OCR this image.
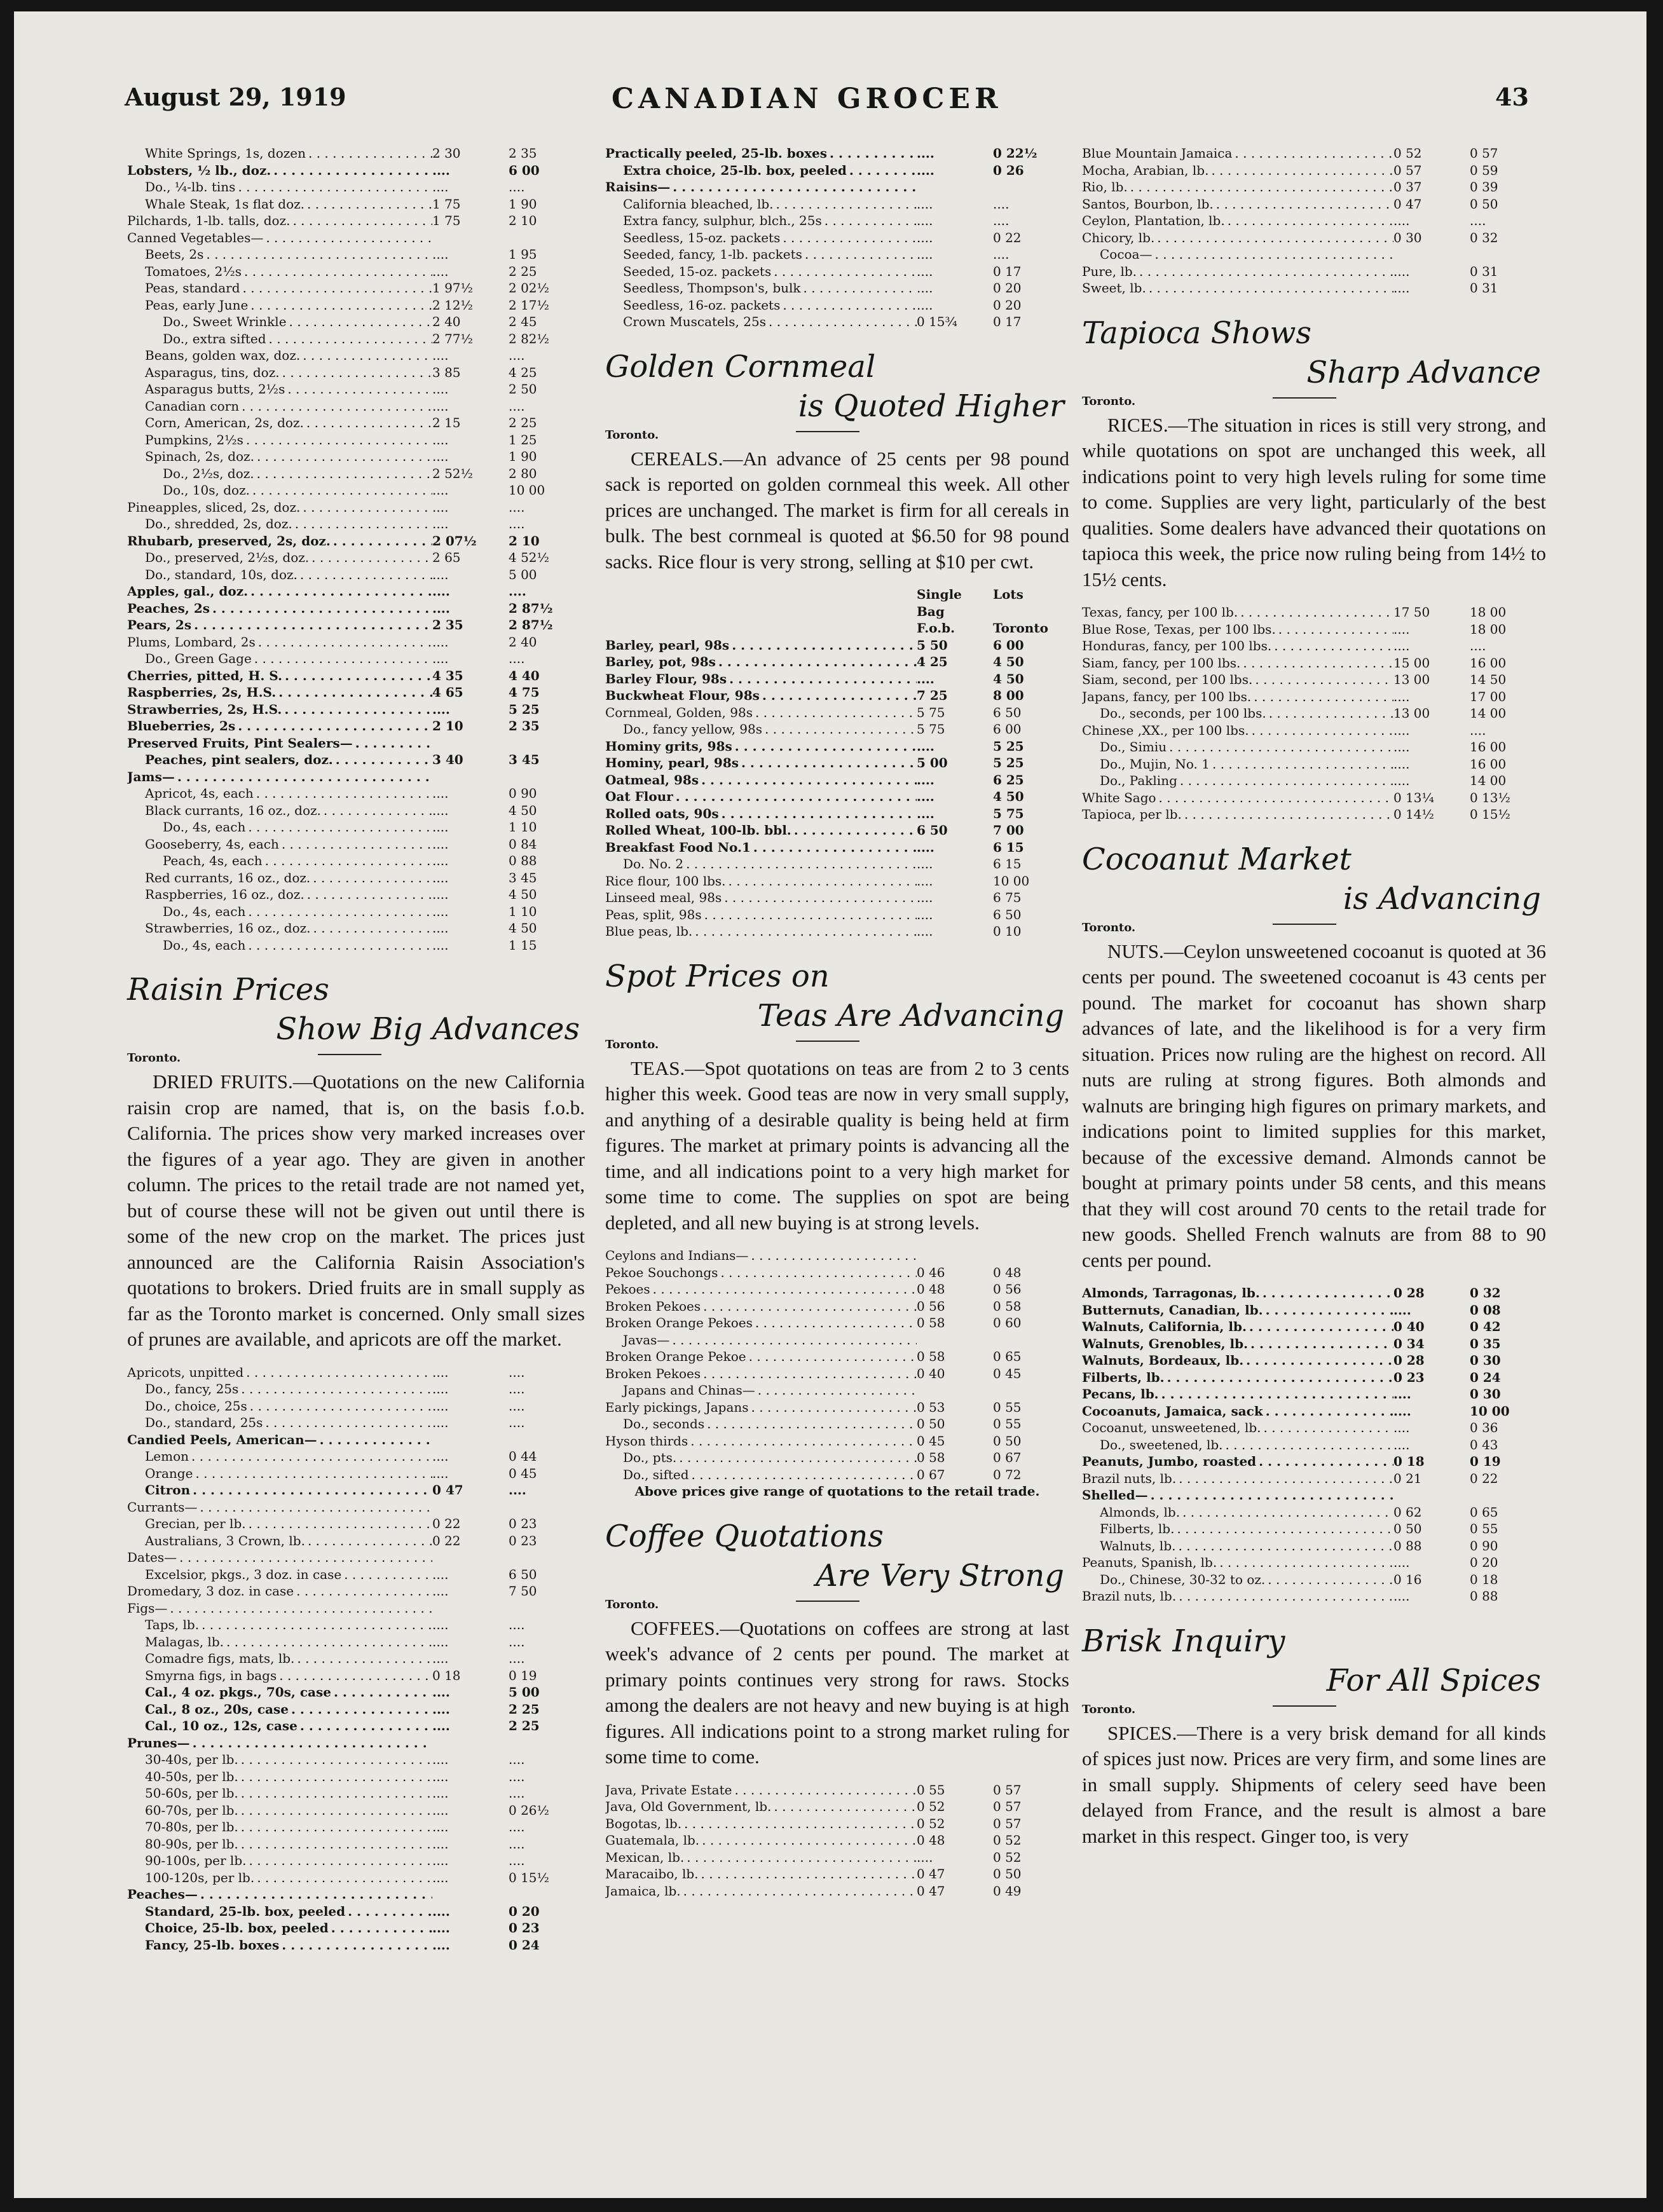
August 29, 1919	CANADIAN GROCER	43
White Springs, 1s, dozen . . .	2 30	2 35
Lobsters, ½ lb., doz. . . .	....	6 00
Do., ¼-lb. tins . . .	....	....
Whale Steak, 1s flat doz. . . .	1 75	1 90
Pilchards, 1-lb. talls, doz. . . .	1 75	2 10
Canned Vegetables—
. . .
Beets, 2s . . .	....	1 95
Tomatoes, 2½s . . .	....	2 25
Peas, standard . . .	1 97½	2 02½
Peas, early June . . .	2 12½	2 17½
Do., Sweet Wrinkle . . .	2 40	2 45
Do., extra sifted . . .	2 77½	2 82½
Beans, golden wax, doz. . . .	....	....
Asparagus, tins, doz. . . .	3 85	4 25
Asparagus butts, 2½s . . .	....	2 50
Canadian corn . . .	....	....
Corn, American, 2s, doz. . . .	2 15	2 25
Pumpkins, 2½s . . .	....	1 25
Spinach, 2s, doz. . . .	....	1 90
Do., 2½s, doz. . . .	2 52½	2 80
Do., 10s, doz. . . .	....	10 00
Pineapples, sliced, 2s, doz. . . .	....	....
Do., shredded, 2s, doz. . . .	....	....
Rhubarb, preserved, 2s, doz. . . .	2 07½	2 10
Do., preserved, 2½s, doz. . . .	2 65	4 52½
Do., standard, 10s, doz. . . .	....	5 00
Apples, gal., doz. . . .	....	....
Peaches, 2s . . .	....	2 87½
Pears, 2s . . .	2 35	2 87½
Plums, Lombard, 2s . . .	....	2 40
Do., Green Gage . . .	....	....
Cherries, pitted, H. S. . . .	4 35	4 40
Raspberries, 2s, H.S. . . .	4 65	4 75
Strawberries, 2s, H.S. . . .	....	5 25
Blueberries, 2s . . .	2 10	2 35
Preserved Fruits, Pint Sealers—
. . .
Peaches, pint sealers, doz. . . .	3 40	3 45
Jams—
. . .
Apricot, 4s, each . . .	....	0 90
Black currants, 16 oz., doz. . . .	....	4 50
Do., 4s, each . . .	....	1 10
Gooseberry, 4s, each . . .	....	0 84
Peach, 4s, each . . .	....	0 88
Red currants, 16 oz., doz. . . .	....	3 45
Raspberries, 16 oz., doz. . . .	....	4 50
Do., 4s, each . . .	....	1 10
Strawberries, 16 oz., doz. . . .	....	4 50
Do., 4s, each . . .	....	1 15
Raisin Prices
Show Big Advances
Toronto.

DRIED FRUITS.—Quotations on the new California raisin crop are named, that is, on the basis f.o.b. California. The prices show very marked increases over the figures of a year ago. They are given in another column. The prices to the retail trade are not named yet, but of course these will not be given out until there is some of the new crop on the market. The prices just announced are the California Raisin Association's quotations to brokers. Dried fruits are in small supply as far as the Toronto market is concerned. Only small sizes of prunes are available, and apricots are off the market.

Apricots, unpitted . . .	....	....
Do., fancy, 25s . . .	....	....
Do., choice, 25s . . .	....	....
Do., standard, 25s . . .	....	....
Candied Peels, American—
. . .
Lemon . . .	....	0 44
Orange . . .	....	0 45
Citron . . .	0 47	....
Currants—
. . .
Grecian, per lb. . . .	0 22	0 23
Australians, 3 Crown, lb. . . .	0 22	0 23
Dates—
. . .
Excelsior, pkgs., 3 doz. in case . . .	....	6 50
Dromedary, 3 doz. in case . . .	....	7 50
Figs—
. . .
Taps, lb. . . .	....	....
Malagas, lb. . . .	....	....
Comadre figs, mats, lb. . . .	....	....
Smyrna figs, in bags . . .	0 18	0 19
Cal., 4 oz. pkgs., 70s, case . . .	....	5 00
Cal., 8 oz., 20s, case . . .	....	2 25
Cal., 10 oz., 12s, case . . .	....	2 25
Prunes—
. . .
30-40s, per lb. . . .	....	....
40-50s, per lb. . . .	....	....
50-60s, per lb. . . .	....	....
60-70s, per lb. . . .	....	0 26½
70-80s, per lb. . . .	....	....
80-90s, per lb. . . .	....	....
90-100s, per lb. . . .	....	....
100-120s, per lb. . . .	....	0 15½
Peaches—
. . .
Standard, 25-lb. box, peeled . . .	....	0 20
Choice, 25-lb. box, peeled . . .	....	0 23
Fancy, 25-lb. boxes . . .	....	0 24
Practically peeled, 25-lb. boxes . . .	....	0 22½
Extra choice, 25-lb. box, peeled . . .	....	0 26
Raisins—
. . .
California bleached, lb. . . .	....	....
Extra fancy, sulphur, blch., 25s . . .	....	....
Seedless, 15-oz. packets . . .	....	0 22
Seeded, fancy, 1-lb. packets . . .	....	....
Seeded, 15-oz. packets . . .	....	0 17
Seedless, Thompson's, bulk . . .	....	0 20
Seedless, 16-oz. packets . . .	....	0 20
Crown Muscatels, 25s . . .	0 15¾	0 17
Golden Cornmeal
is Quoted Higher
Toronto.

CEREALS.—An advance of 25 cents per 98 pound sack is reported on golden cornmeal this week. All other prices are unchanged. The market is firm for all cereals in bulk. The best cornmeal is quoted at $6.50 for 98 pound sacks. Rice flour is very strong, selling at $10 per cwt.

Single Bag
Lots
F.o.b.	Toronto
Barley, pearl, 98s . . .	5 50	6 00
Barley, pot, 98s . . .	4 25	4 50
Barley Flour, 98s . . .	....	4 50
Buckwheat Flour, 98s . . .	7 25	8 00
Cornmeal, Golden, 98s . . .	5 75	6 50
Do., fancy yellow, 98s . . .	5 75	6 00
Hominy grits, 98s . . .	....	5 25
Hominy, pearl, 98s . . .	5 00	5 25
Oatmeal, 98s . . .	....	6 25
Oat Flour . . .	....	4 50
Rolled oats, 90s . . .	....	5 75
Rolled Wheat, 100-lb. bbl. . . .	6 50	7 00
Breakfast Food No.1 . . .	....	6 15
Do. No. 2 . . .	....	6 15
Rice flour, 100 lbs. . . .	....	10 00
Linseed meal, 98s . . .	....	6 75
Peas, split, 98s . . .	....	6 50
Blue peas, lb. . . .	....	0 10
Spot Prices on
Teas Are Advancing
Toronto.

TEAS.—Spot quotations on teas are from 2 to 3 cents higher this week. Good teas are now in very small supply, and anything of a desirable quality is being held at firm figures. The market at primary points is advancing all the time, and all indications point to a very high market for some time to come. The supplies on spot are being depleted, and all new buying is at strong levels.

Ceylons and Indians—
. . .
Pekoe Souchongs . . .	0 46	0 48
Pekoes . . .	0 48	0 56
Broken Pekoes . . .	0 56	0 58
Broken Orange Pekoes . . .	0 58	0 60
Javas—
. . .
Broken Orange Pekoe . . .	0 58	0 65
Broken Pekoes . . .	0 40	0 45
Japans and Chinas—
. . .
Early pickings, Japans . . .	0 53	0 55
Do., seconds . . .	0 50	0 55
Hyson thirds . . .	0 45	0 50
Do., pts. . . .	0 58	0 67
Do., sifted . . .	0 67	0 72
Above prices give range of quotations to the retail trade.
Coffee Quotations
Are Very Strong
Toronto.

COFFEES.—Quotations on coffees are strong at last week's advance of 2 cents per pound. The market at primary points continues very strong for raws. Stocks among the dealers are not heavy and new buying is at high figures. All indications point to a strong market ruling for some time to come.

Java, Private Estate . . .	0 55	0 57
Java, Old Government, lb. . . .	0 52	0 57
Bogotas, lb. . . .	0 52	0 57
Guatemala, lb. . . .	0 48	0 52
Mexican, lb. . . .	....	0 52
Maracaibo, lb. . . .	0 47	0 50
Jamaica, lb. . . .	0 47	0 49
Blue Mountain Jamaica . . .	0 52	0 57
Mocha, Arabian, lb. . . .	0 57	0 59
Rio, lb. . . .	0 37	0 39
Santos, Bourbon, lb. . . .	0 47	0 50
Ceylon, Plantation, lb. . . .	....	....
Chicory, lb. . . .	0 30	0 32
Cocoa—
. . .
Pure, lb. . . .	....	0 31
Sweet, lb. . . .	....	0 31
Tapioca Shows
Sharp Advance
Toronto.

RICES.—The situation in rices is still very strong, and while quotations on spot are unchanged this week, all indications point to very high levels ruling for some time to come. Supplies are very light, particularly of the best qualities. Some dealers have advanced their quotations on tapioca this week, the price now ruling being from 14½ to 15½ cents.

Texas, fancy, per 100 lb. . . .	17 50	18 00
Blue Rose, Texas, per 100 lbs. . . .	....	18 00
Honduras, fancy, per 100 lbs. . . .	....	....
Siam, fancy, per 100 lbs. . . .	15 00	16 00
Siam, second, per 100 lbs. . . .	13 00	14 50
Japans, fancy, per 100 lbs. . . .	....	17 00
Do., seconds, per 100 lbs. . . .	13 00	14 00
Chinese ,XX., per 100 lbs. . . .	....	....
Do., Simiu . . .	....	16 00
Do., Mujin, No. 1 . . .	....	16 00
Do., Pakling . . .	....	14 00
White Sago . . .	0 13¼	0 13½
Tapioca, per lb. . . .	0 14½	0 15½
Cocoanut Market
is Advancing
Toronto.

NUTS.—Ceylon unsweetened cocoanut is quoted at 36 cents per pound. The sweetened cocoanut is 43 cents per pound. The market for cocoanut has shown sharp advances of late, and the likelihood is for a very firm situation. Prices now ruling are the highest on record. All nuts are ruling at strong figures. Both almonds and walnuts are bringing high figures on primary markets, and indications point to limited supplies for this market, because of the excessive demand. Almonds cannot be bought at primary points under 58 cents, and this means that they will cost around 70 cents to the retail trade for new goods. Shelled French walnuts are from 88 to 90 cents per pound.

Almonds, Tarragonas, lb. . . .	0 28	0 32
Butternuts, Canadian, lb. . . .	....	0 08
Walnuts, California, lb. . . .	0 40	0 42
Walnuts, Grenobles, lb. . . .	0 34	0 35
Walnuts, Bordeaux, lb. . . .	0 28	0 30
Filberts, lb. . . .	0 23	0 24
Pecans, lb. . . .	....	0 30
Cocoanuts, Jamaica, sack . . .	....	10 00
Cocoanut, unsweetened, lb. . . .	....	0 36
Do., sweetened, lb. . . .	....	0 43
Peanuts, Jumbo, roasted . . .	0 18	0 19
Brazil nuts, lb. . . .	0 21	0 22
Shelled—
. . .
Almonds, lb. . . .	0 62	0 65
Filberts, lb. . . .	0 50	0 55
Walnuts, lb. . . .	0 88	0 90
Peanuts, Spanish, lb. . . .	....	0 20
Do., Chinese, 30-32 to oz. . . .	0 16	0 18
Brazil nuts, lb. . . .	....	0 88
Brisk Inquiry
For All Spices
Toronto.

SPICES.—There is a very brisk demand for all kinds of spices just now. Prices are very firm, and some lines are in small supply. Shipments of celery seed have been delayed from France, and the result is almost a bare market in this respect. Ginger too, is very
